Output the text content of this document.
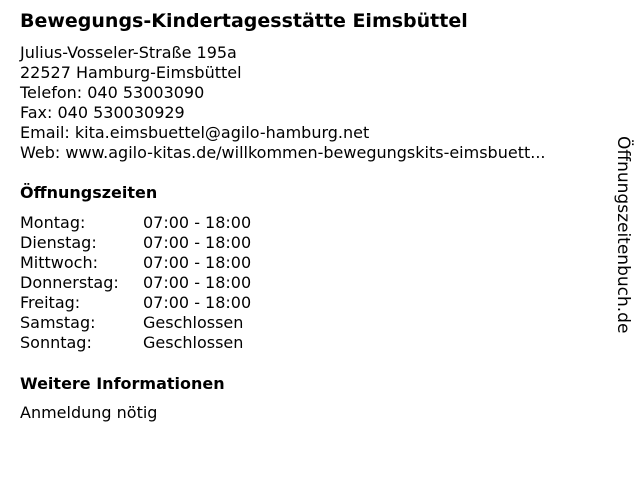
Bewegungs-Kindertagesstätte Eimsbüttel
Julius-Vosseler-Straße 195a
22527 Hamburg-Eimsbüttel
Telefon: 040 53003090
Fax: 040 530030929
Email: kita.eimsbuettel@agilo-hamburg.net
Web: www.agilo-kitas.de/willkommen-bewegungskits-eimsbuett...
Öffnungszeiten
Montag:	07:00 - 18:00
Dienstag:	07:00 - 18:00
Mittwoch:	07:00 - 18:00
Donnerstag:	07:00 - 18:00
Freitag:	07:00 - 18:00
Samstag:	Geschlossen
Sonntag:	Geschlossen
Weitere Informationen
Anmeldung nötig
Öffnungszeitenbuch.de
